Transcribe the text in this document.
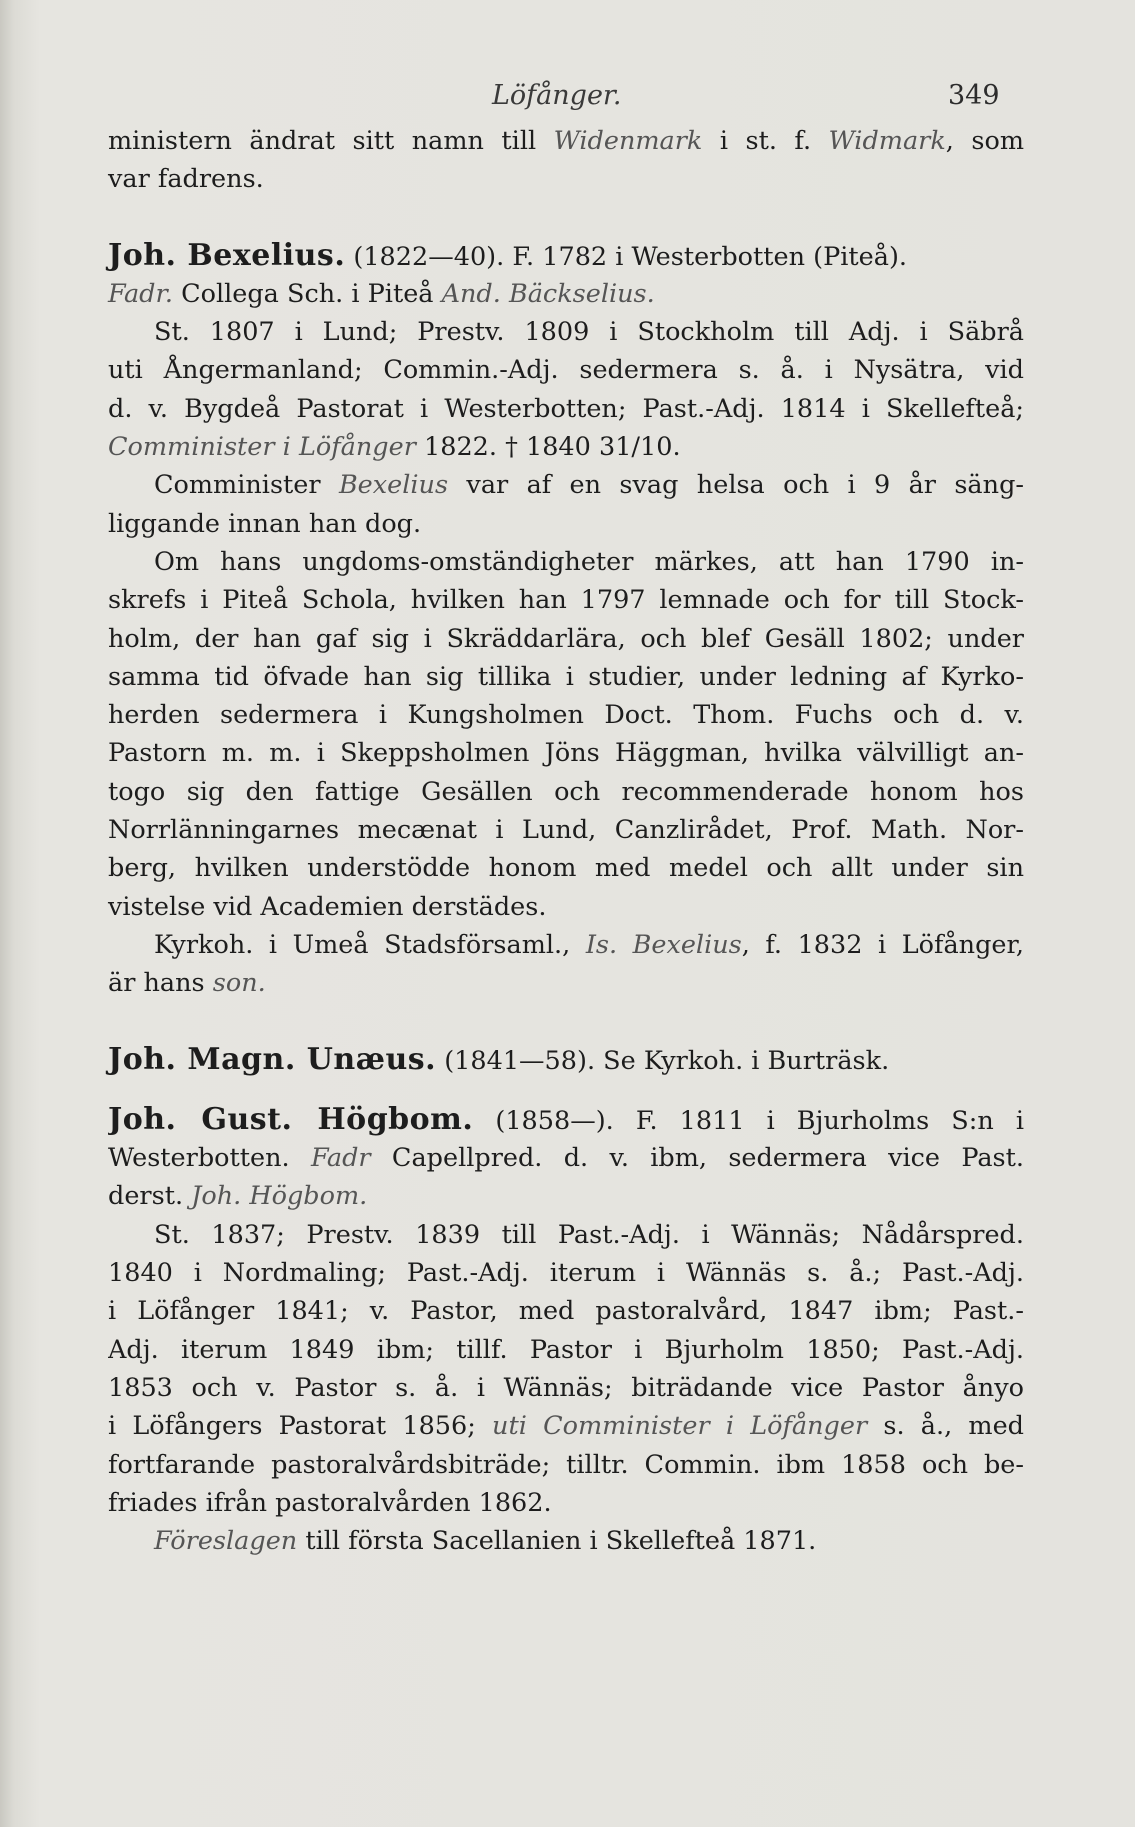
Löfånger.	349
ministern ändrat sitt namn till Widenmark i st. f. Widmark, som
var fadrens.
Joh. Bexelius. (1822—40). F. 1782 i Westerbotten (Piteå).
Fadr. Collega Sch. i Piteå And. Bäckselius.
St. 1807 i Lund; Prestv. 1809 i Stockholm till Adj. i Säbrå
uti Ångermanland; Commin.-Adj. sedermera s. å. i Nysätra, vid
d. v. Bygdeå Pastorat i Westerbotten; Past.-Adj. 1814 i Skellefteå;
Comminister i Löfånger 1822. † 1840 31/10.
Comminister Bexelius var af en svag helsa och i 9 år säng-
liggande innan han dog.
Om hans ungdoms-omständigheter märkes, att han 1790 in-
skrefs i Piteå Schola, hvilken han 1797 lemnade och for till Stock-
holm, der han gaf sig i Skräddarlära, och blef Gesäll 1802; under
samma tid öfvade han sig tillika i studier, under ledning af Kyrko-
herden sedermera i Kungsholmen Doct. Thom. Fuchs och d. v.
Pastorn m. m. i Skeppsholmen Jöns Häggman, hvilka välvilligt an-
togo sig den fattige Gesällen och recommenderade honom hos
Norrlänningarnes mecænat i Lund, Canzlirådet, Prof. Math. Nor-
berg, hvilken understödde honom med medel och allt under sin
vistelse vid Academien derstädes.
Kyrkoh. i Umeå Stadsförsaml., Is. Bexelius, f. 1832 i Löfånger,
är hans son.
Joh. Magn. Unæus. (1841—58). Se Kyrkoh. i Burträsk.
Joh. Gust. Högbom. (1858—). F. 1811 i Bjurholms S:n i
Westerbotten. Fadr Capellpred. d. v. ibm, sedermera vice Past.
derst. Joh. Högbom.
St. 1837; Prestv. 1839 till Past.-Adj. i Wännäs; Nådårspred.
1840 i Nordmaling; Past.-Adj. iterum i Wännäs s. å.; Past.-Adj.
i Löfånger 1841; v. Pastor, med pastoralvård, 1847 ibm; Past.-
Adj. iterum 1849 ibm; tillf. Pastor i Bjurholm 1850; Past.-Adj.
1853 och v. Pastor s. å. i Wännäs; biträdande vice Pastor ånyo
i Löfångers Pastorat 1856; uti Comminister i Löfånger s. å., med
fortfarande pastoralvårdsbiträde; tilltr. Commin. ibm 1858 och be-
friades ifrån pastoralvården 1862.
Föreslagen till första Sacellanien i Skellefteå 1871.
